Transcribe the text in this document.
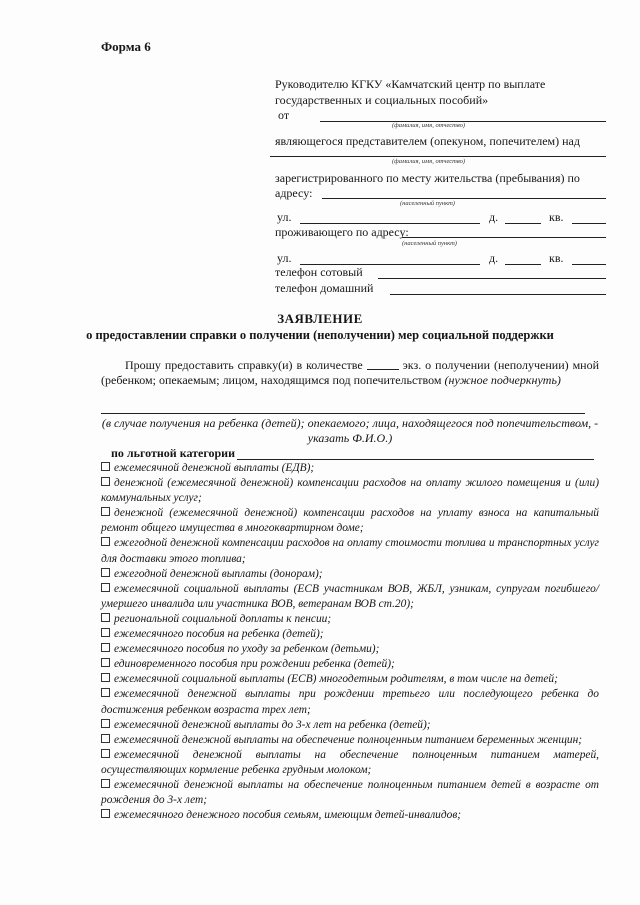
Форма 6
Руководителю КГКУ «Камчатский центр по выплате
государственных и социальных пособий»
от
(фамилия, имя, отчество)
являющегося представителем (опекуном, попечителем) над
(фамилия, имя, отчество)
зарегистрированного по месту жительства (пребывания) по
адресу:
(населенный пункт)
ул.	д.	кв.
проживающего по адресу:
(населенный пункт)
ул.	д.	кв.
телефон сотовый
телефон домашний
ЗАЯВЛЕНИЕ
о предоставлении справки о получении (неполучении) мер социальной поддержки
Прошу предоставить справку(и) в количестве	экз. о получении (неполучении) мной (ребенком; опекаемым; лицом, находящимся под попечительством (нужное подчеркнуть)
(в случае получения на ребенка (детей); опекаемого; лица, находящегося под попечительством, - указать Ф.И.О.)
по льготной категории
ежемесячной денежной выплаты (ЕДВ);
денежной (ежемесячной денежной) компенсации расходов на оплату жилого помещения и (или) коммунальных услуг;
денежной (ежемесячной денежной) компенсации расходов на уплату взноса на капитальный ремонт общего имущества в многоквартирном доме;
ежегодной денежной компенсации расходов на оплату стоимости топлива и транспортных услуг для доставки этого топлива;
ежегодной денежной выплаты (донорам);
ежемесячной социальной выплаты (ЕСВ участникам ВОВ, ЖБЛ, узникам, супругам погибшего/умершего инвалида или участника ВОВ, ветеранам ВОВ ст.20);
региональной социальной доплаты к пенсии;
ежемесячного пособия на ребенка (детей);
ежемесячного пособия по уходу за ребенком (детьми);
единовременного пособия при рождении ребенка (детей);
ежемесячной социальной выплаты (ЕСВ) многодетным родителям, в том числе на детей;
ежемесячной денежной выплаты при рождении третьего или последующего ребенка до достижения ребенком возраста трех лет;
ежемесячной денежной выплаты до 3-х лет на ребенка (детей);
ежемесячной денежной выплаты на обеспечение полноценным питанием беременных женщин;
ежемесячной денежной выплаты на обеспечение полноценным питанием матерей, осуществляющих кормление ребенка грудным молоком;
ежемесячной денежной выплаты на обеспечение полноценным питанием детей в возрасте от рождения до 3-х лет;
ежемесячного денежного пособия семьям, имеющим детей-инвалидов;
